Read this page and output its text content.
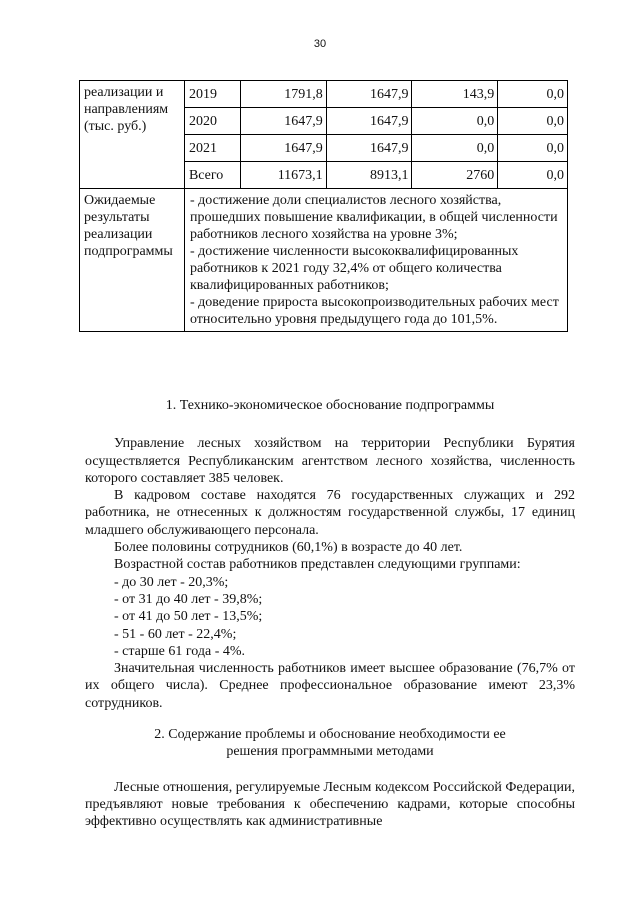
30
реализации и направлениям (тыс. руб.)	2019	1791,8	1647,9	143,9	0,0
	2020	1647,9	1647,9	0,0	0,0
	2021	1647,9	1647,9	0,0	0,0
	Всего	11673,1	8913,1	2760	0,0
Ожидаемые результаты реализации подпрограммы	- достижение доли специалистов лесного хозяйства, прошедших повышение квалификации, в общей численности работников лесного хозяйства на уровне 3%;
- достижение численности высококвалифицированных работников к 2021 году 32,4% от общего количества квалифицированных работников;
- доведение прироста высокопроизводительных рабочих мест относительно уровня предыдущего года до 101,5%.				

1. Технико-экономическое обоснование подпрограммы

Управление лесных хозяйством на территории Республики Бурятия осуществляется Республиканским агентством лесного хозяйства, численность которого составляет 385 человек.

В кадровом составе находятся 76 государственных служащих и 292 работника, не отнесенных к должностям государственной службы, 17 единиц младшего обслуживающего персонала.

Более половины сотрудников (60,1%) в возрасте до 40 лет.

Возрастной состав работников представлен следующими группами:

- до 30 лет - 20,3%;

- от 31 до 40 лет - 39,8%;

- от 41 до 50 лет - 13,5%;

- 51 - 60 лет - 22,4%;

- старше 61 года - 4%.

Значительная численность работников имеет высшее образование (76,7% от их общего числа). Среднее профессиональное образование имеют 23,3% сотрудников.

2. Содержание проблемы и обоснование необходимости ее

решения программными методами

Лесные отношения, регулируемые Лесным кодексом Российской Федерации, предъявляют новые требования к обеспечению кадрами, которые способны эффективно осуществлять как административные
